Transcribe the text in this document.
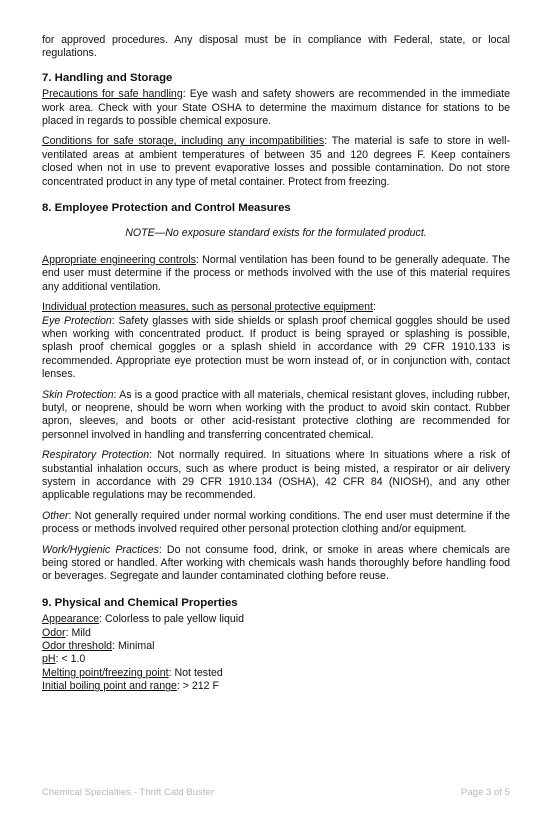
for approved procedures. Any disposal must be in compliance with Federal, state, or local regulations.

7. Handling and Storage

Precautions for safe handling: Eye wash and safety showers are recommended in the immediate work area. Check with your State OSHA to determine the maximum distance for stations to be placed in regards to possible chemical exposure.

Conditions for safe storage, including any incompatibilities: The material is safe to store in well-ventilated areas at ambient temperatures of between 35 and 120 degrees F. Keep containers closed when not in use to prevent evaporative losses and possible contamination. Do not store concentrated product in any type of metal container. Protect from freezing.

8. Employee Protection and Control Measures
NOTE—No exposure standard exists for the formulated product.

Appropriate engineering controls: Normal ventilation has been found to be generally adequate. The end user must determine if the process or methods involved with the use of this material requires any additional ventilation.

Individual protection measures, such as personal protective equipment:

Eye Protection: Safety glasses with side shields or splash proof chemical goggles should be used when working with concentrated product. If product is being sprayed or splashing is possible, splash proof chemical goggles or a splash shield in accordance with 29 CFR 1910.133 is recommended. Appropriate eye protection must be worn instead of, or in conjunction with, contact lenses.

Skin Protection: As is a good practice with all materials, chemical resistant gloves, including rubber, butyl, or neoprene, should be worn when working with the product to avoid skin contact. Rubber apron, sleeves, and boots or other acid-resistant protective clothing are recommended for personnel involved in handling and transferring concentrated chemical.

Respiratory Protection: Not normally required. In situations where In situations where a risk of substantial inhalation occurs, such as where product is being misted, a respirator or air delivery system in accordance with 29 CFR 1910.134 (OSHA), 42 CFR 84 (NIOSH), and any other applicable regulations may be recommended.

Other: Not generally required under normal working conditions. The end user must determine if the process or methods involved required other personal protection clothing and/or equipment.

Work/Hygienic Practices: Do not consume food, drink, or smoke in areas where chemicals are being stored or handled. After working with chemicals wash hands thoroughly before handling food or beverages. Segregate and launder contaminated clothing before reuse.

9. Physical and Chemical Properties
Appearance: Colorless to pale yellow liquid
Odor: Mild
Odor threshold: Minimal
pH: < 1.0
Melting point/freezing point: Not tested
Initial boiling point and range: > 212 F
Chemical Specialties - Thrift Cald Buster	Page 3 of 5
